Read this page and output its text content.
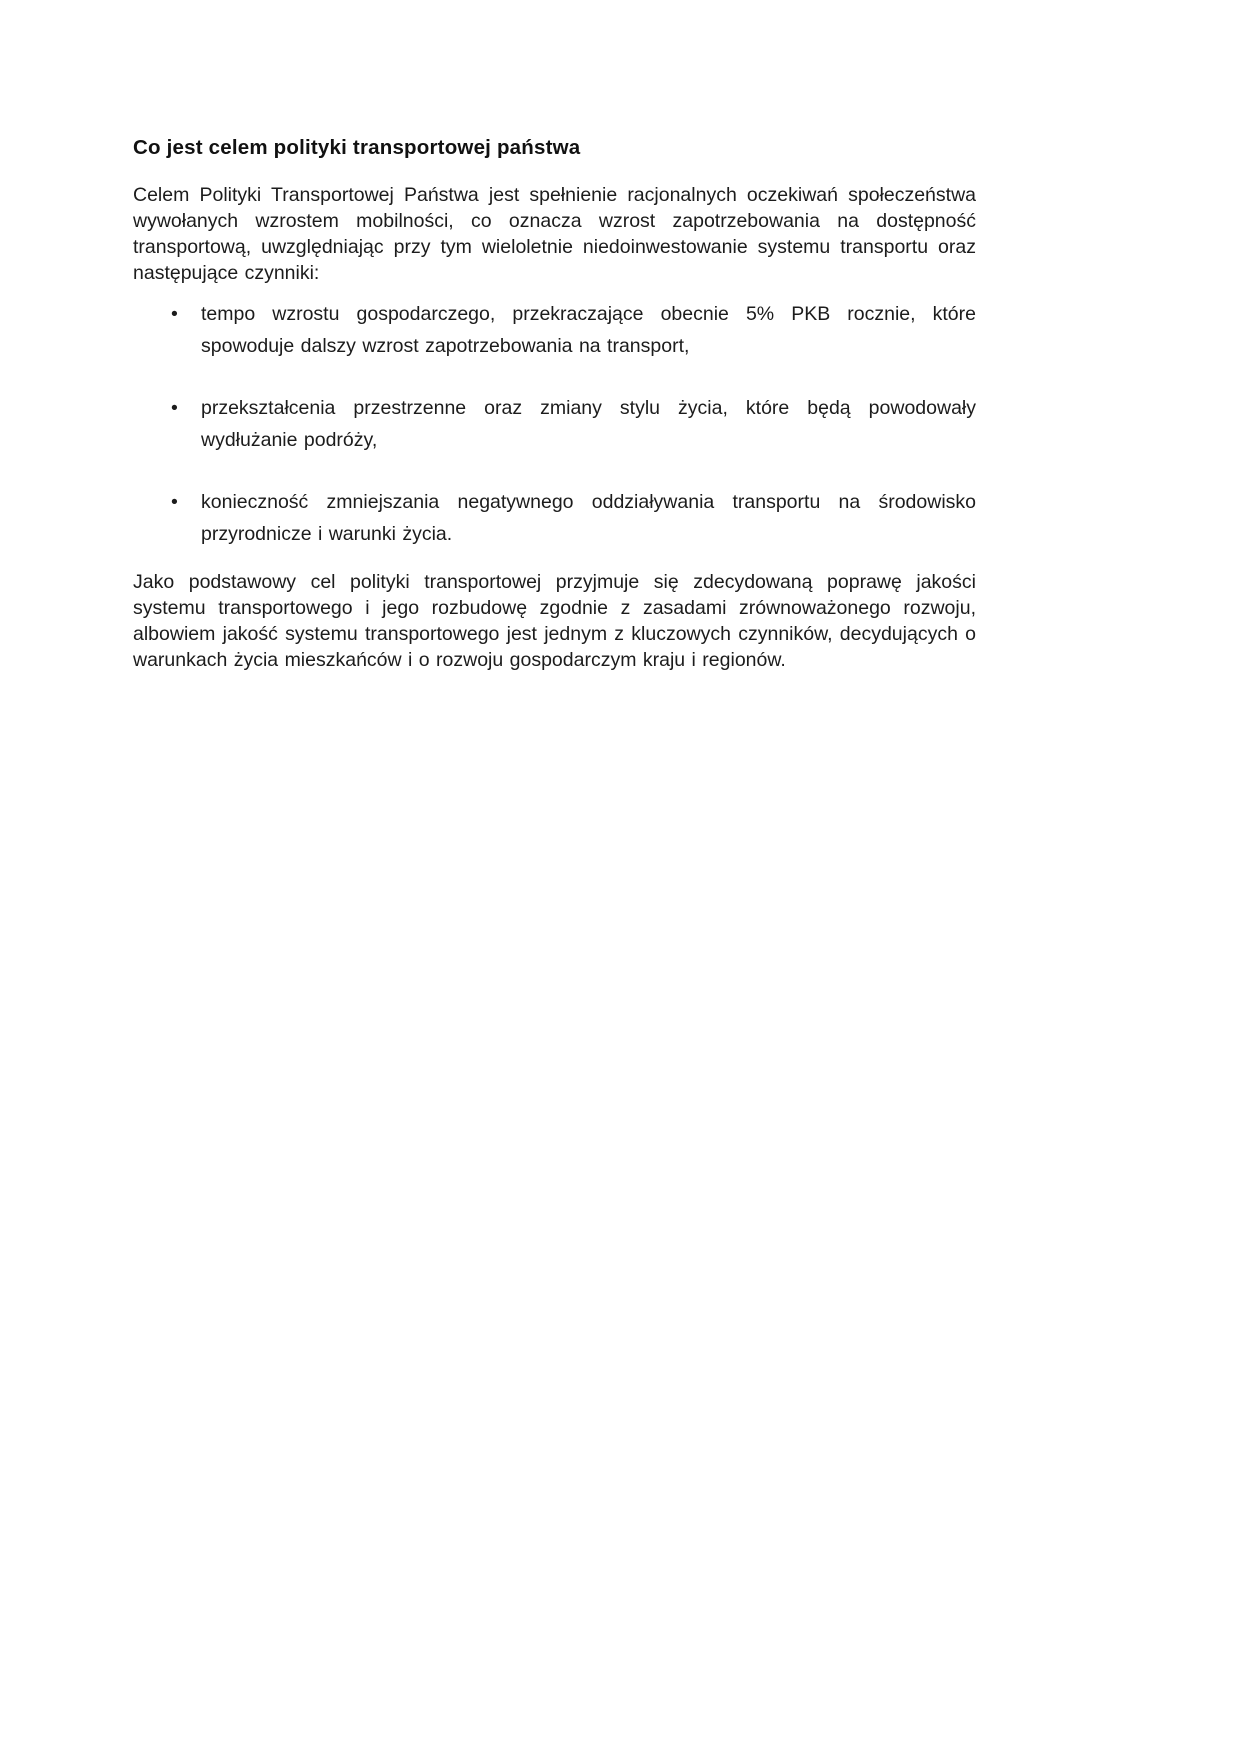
Co jest celem polityki transportowej państwa

Celem Polityki Transportowej Państwa jest spełnienie racjonalnych oczekiwań społeczeństwa wywołanych wzrostem mobilności, co oznacza wzrost zapotrzebowania na dostępność transportową, uwzględniając przy tym wieloletnie niedoinwestowanie systemu transportu oraz następujące czynniki:

•	tempo wzrostu gospodarczego, przekraczające obecnie 5% PKB rocznie, które spowoduje dalszy wzrost zapotrzebowania na transport,
•	przekształcenia przestrzenne oraz zmiany stylu życia, które będą powodowały wydłużanie podróży,
•	konieczność zmniejszania negatywnego oddziaływania transportu na środowisko przyrodnicze i warunki życia.

Jako podstawowy cel polityki transportowej przyjmuje się zdecydowaną poprawę jakości systemu transportowego i jego rozbudowę zgodnie z zasadami zrównoważonego rozwoju, albowiem jakość systemu transportowego jest jednym z kluczowych czynników, decydujących o warunkach życia mieszkańców i o rozwoju gospodarczym kraju i regionów.
